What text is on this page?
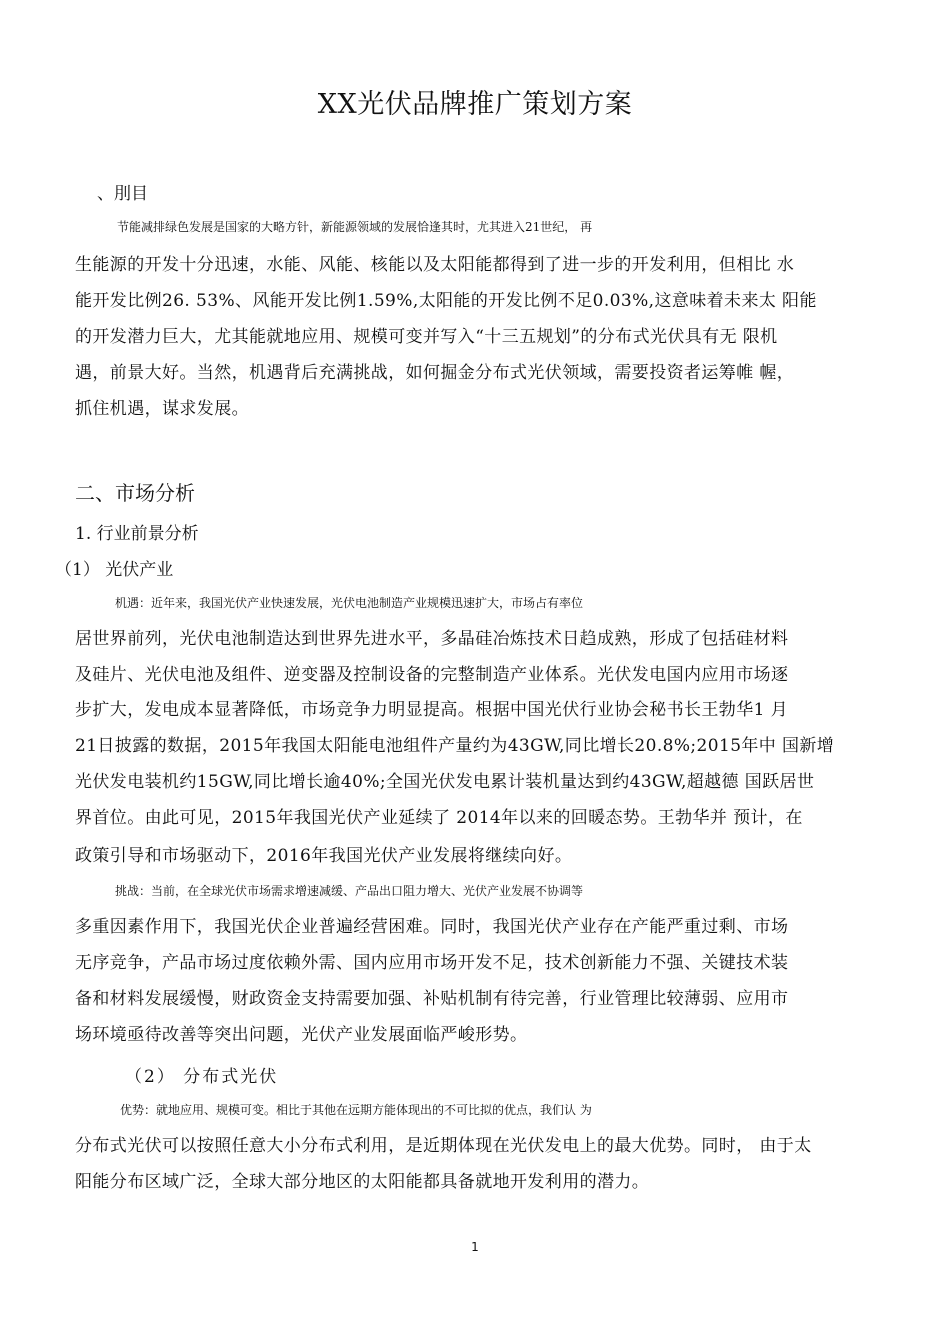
XX光伏品牌推广策划方案
、刖目
节能减排绿色发展是国家的大略方针，新能源领域的发展恰逢其时，尤其进入21世纪， 再
生能源的开发十分迅速，水能、风能、核能以及太阳能都得到了进一步的开发利用，但相比 水
能开发比例26. 53%、风能开发比例1.59%,太阳能的开发比例不足0.03%,这意味着未来太 阳能
的开发潜力巨大，尤其能就地应用、规模可变并写入“十三五规划”的分布式光伏具有无 限机
遇，前景大好。当然，机遇背后充满挑战，如何掘金分布式光伏领域，需要投资者运筹帷 幄，
抓住机遇，谋求发展。
二、市场分析
1. 行业前景分析
（1） 光伏产业
机遇：近年来，我国光伏产业快速发展，光伏电池制造产业规模迅速扩大，市场占有率位
居世界前列，光伏电池制造达到世界先进水平，多晶硅冶炼技术日趋成熟，形成了包括硅材料
及硅片、光伏电池及组件、逆变器及控制设备的完整制造产业体系。光伏发电国内应用市场逐
步扩大，发电成本显著降低，市场竞争力明显提高。根据中国光伏行业协会秘书长王勃华1 月
21日披露的数据，2015年我国太阳能电池组件产量约为43GW,同比增长20.8%;2015年中 国新增
光伏发电装机约15GW,同比增长逾40%;全国光伏发电累计装机量达到约43GW,超越德 国跃居世
界首位。由此可见，2015年我国光伏产业延续了 2014年以来的回暖态势。王勃华并 预计，在
政策引导和市场驱动下，2016年我国光伏产业发展将继续向好。
挑战：当前，在全球光伏市场需求增速减缓、产品出口阻力增大、光伏产业发展不协调等
多重因素作用下，我国光伏企业普遍经营困难。同时，我国光伏产业存在产能严重过剩、市场
无序竞争，产品市场过度依赖外需、国内应用市场开发不足，技术创新能力不强、关键技术装
备和材料发展缓慢，财政资金支持需要加强、补贴机制有待完善，行业管理比较薄弱、应用市
场环境亟待改善等突出问题，光伏产业发展面临严峻形势。
（2） 分布式光伏
优势：就地应用、规模可变。相比于其他在远期方能体现出的不可比拟的优点，我们认 为
分布式光伏可以按照任意大小分布式利用，是近期体现在光伏发电上的最大优势。同时， 由于太
阳能分布区域广泛，全球大部分地区的太阳能都具备就地开发利用的潜力。
1
